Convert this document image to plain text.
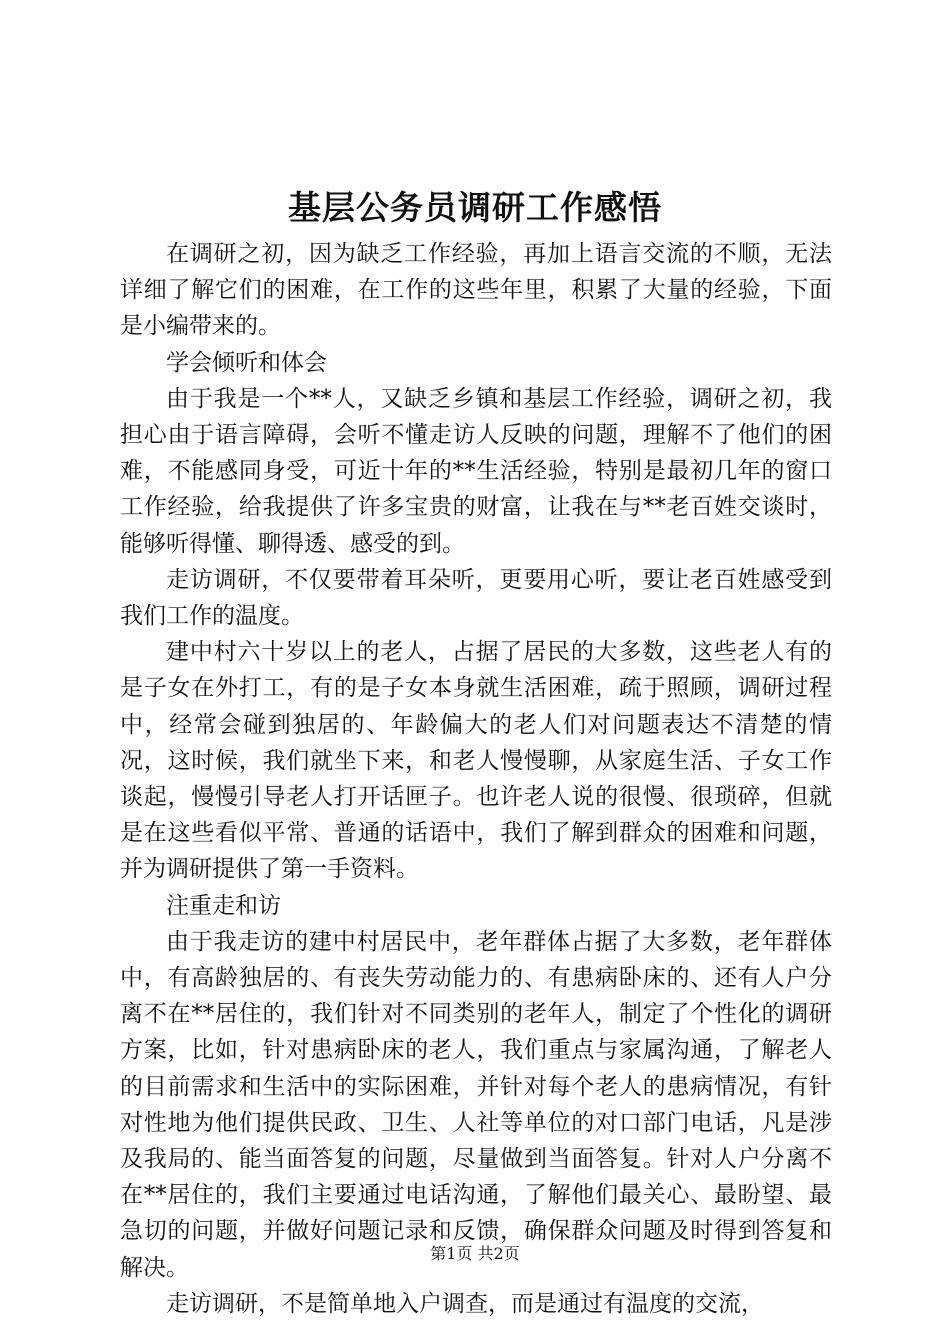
基层公务员调研工作感悟

在调研之初，因为缺乏工作经验，再加上语言交流的不顺，无法详细了解它们的困难，在工作的这些年里，积累了大量的经验，下面是小编带来的。

学会倾听和体会

由于我是一个**人，又缺乏乡镇和基层工作经验，调研之初，我担心由于语言障碍，会听不懂走访人反映的问题，理解不了他们的困难，不能感同身受，可近十年的**生活经验，特别是最初几年的窗口工作经验，给我提供了许多宝贵的财富，让我在与**老百姓交谈时，能够听得懂、聊得透、感受的到。

走访调研，不仅要带着耳朵听，更要用心听，要让老百姓感受到我们工作的温度。

建中村六十岁以上的老人，占据了居民的大多数，这些老人有的是子女在外打工，有的是子女本身就生活困难，疏于照顾，调研过程中，经常会碰到独居的、年龄偏大的老人们对问题表达不清楚的情况，这时候，我们就坐下来，和老人慢慢聊，从家庭生活、子女工作谈起，慢慢引导老人打开话匣子。也许老人说的很慢、很琐碎，但就是在这些看似平常、普通的话语中，我们了解到群众的困难和问题，并为调研提供了第一手资料。

注重走和访

由于我走访的建中村居民中，老年群体占据了大多数，老年群体中，有高龄独居的、有丧失劳动能力的、有患病卧床的、还有人户分离不在**居住的，我们针对不同类别的老年人，制定了个性化的调研方案，比如，针对患病卧床的老人，我们重点与家属沟通，了解老人的目前需求和生活中的实际困难，并针对每个老人的患病情况，有针对性地为他们提供民政、卫生、人社等单位的对口部门电话，凡是涉及我局的、能当面答复的问题，尽量做到当面答复。针对人户分离不在**居住的，我们主要通过电话沟通，了解他们最关心、最盼望、最急切的问题，并做好问题记录和反馈，确保群众问题及时得到答复和解决。

走访调研，不是简单地入户调查，而是通过有温度的交流，

第1页 共2页
